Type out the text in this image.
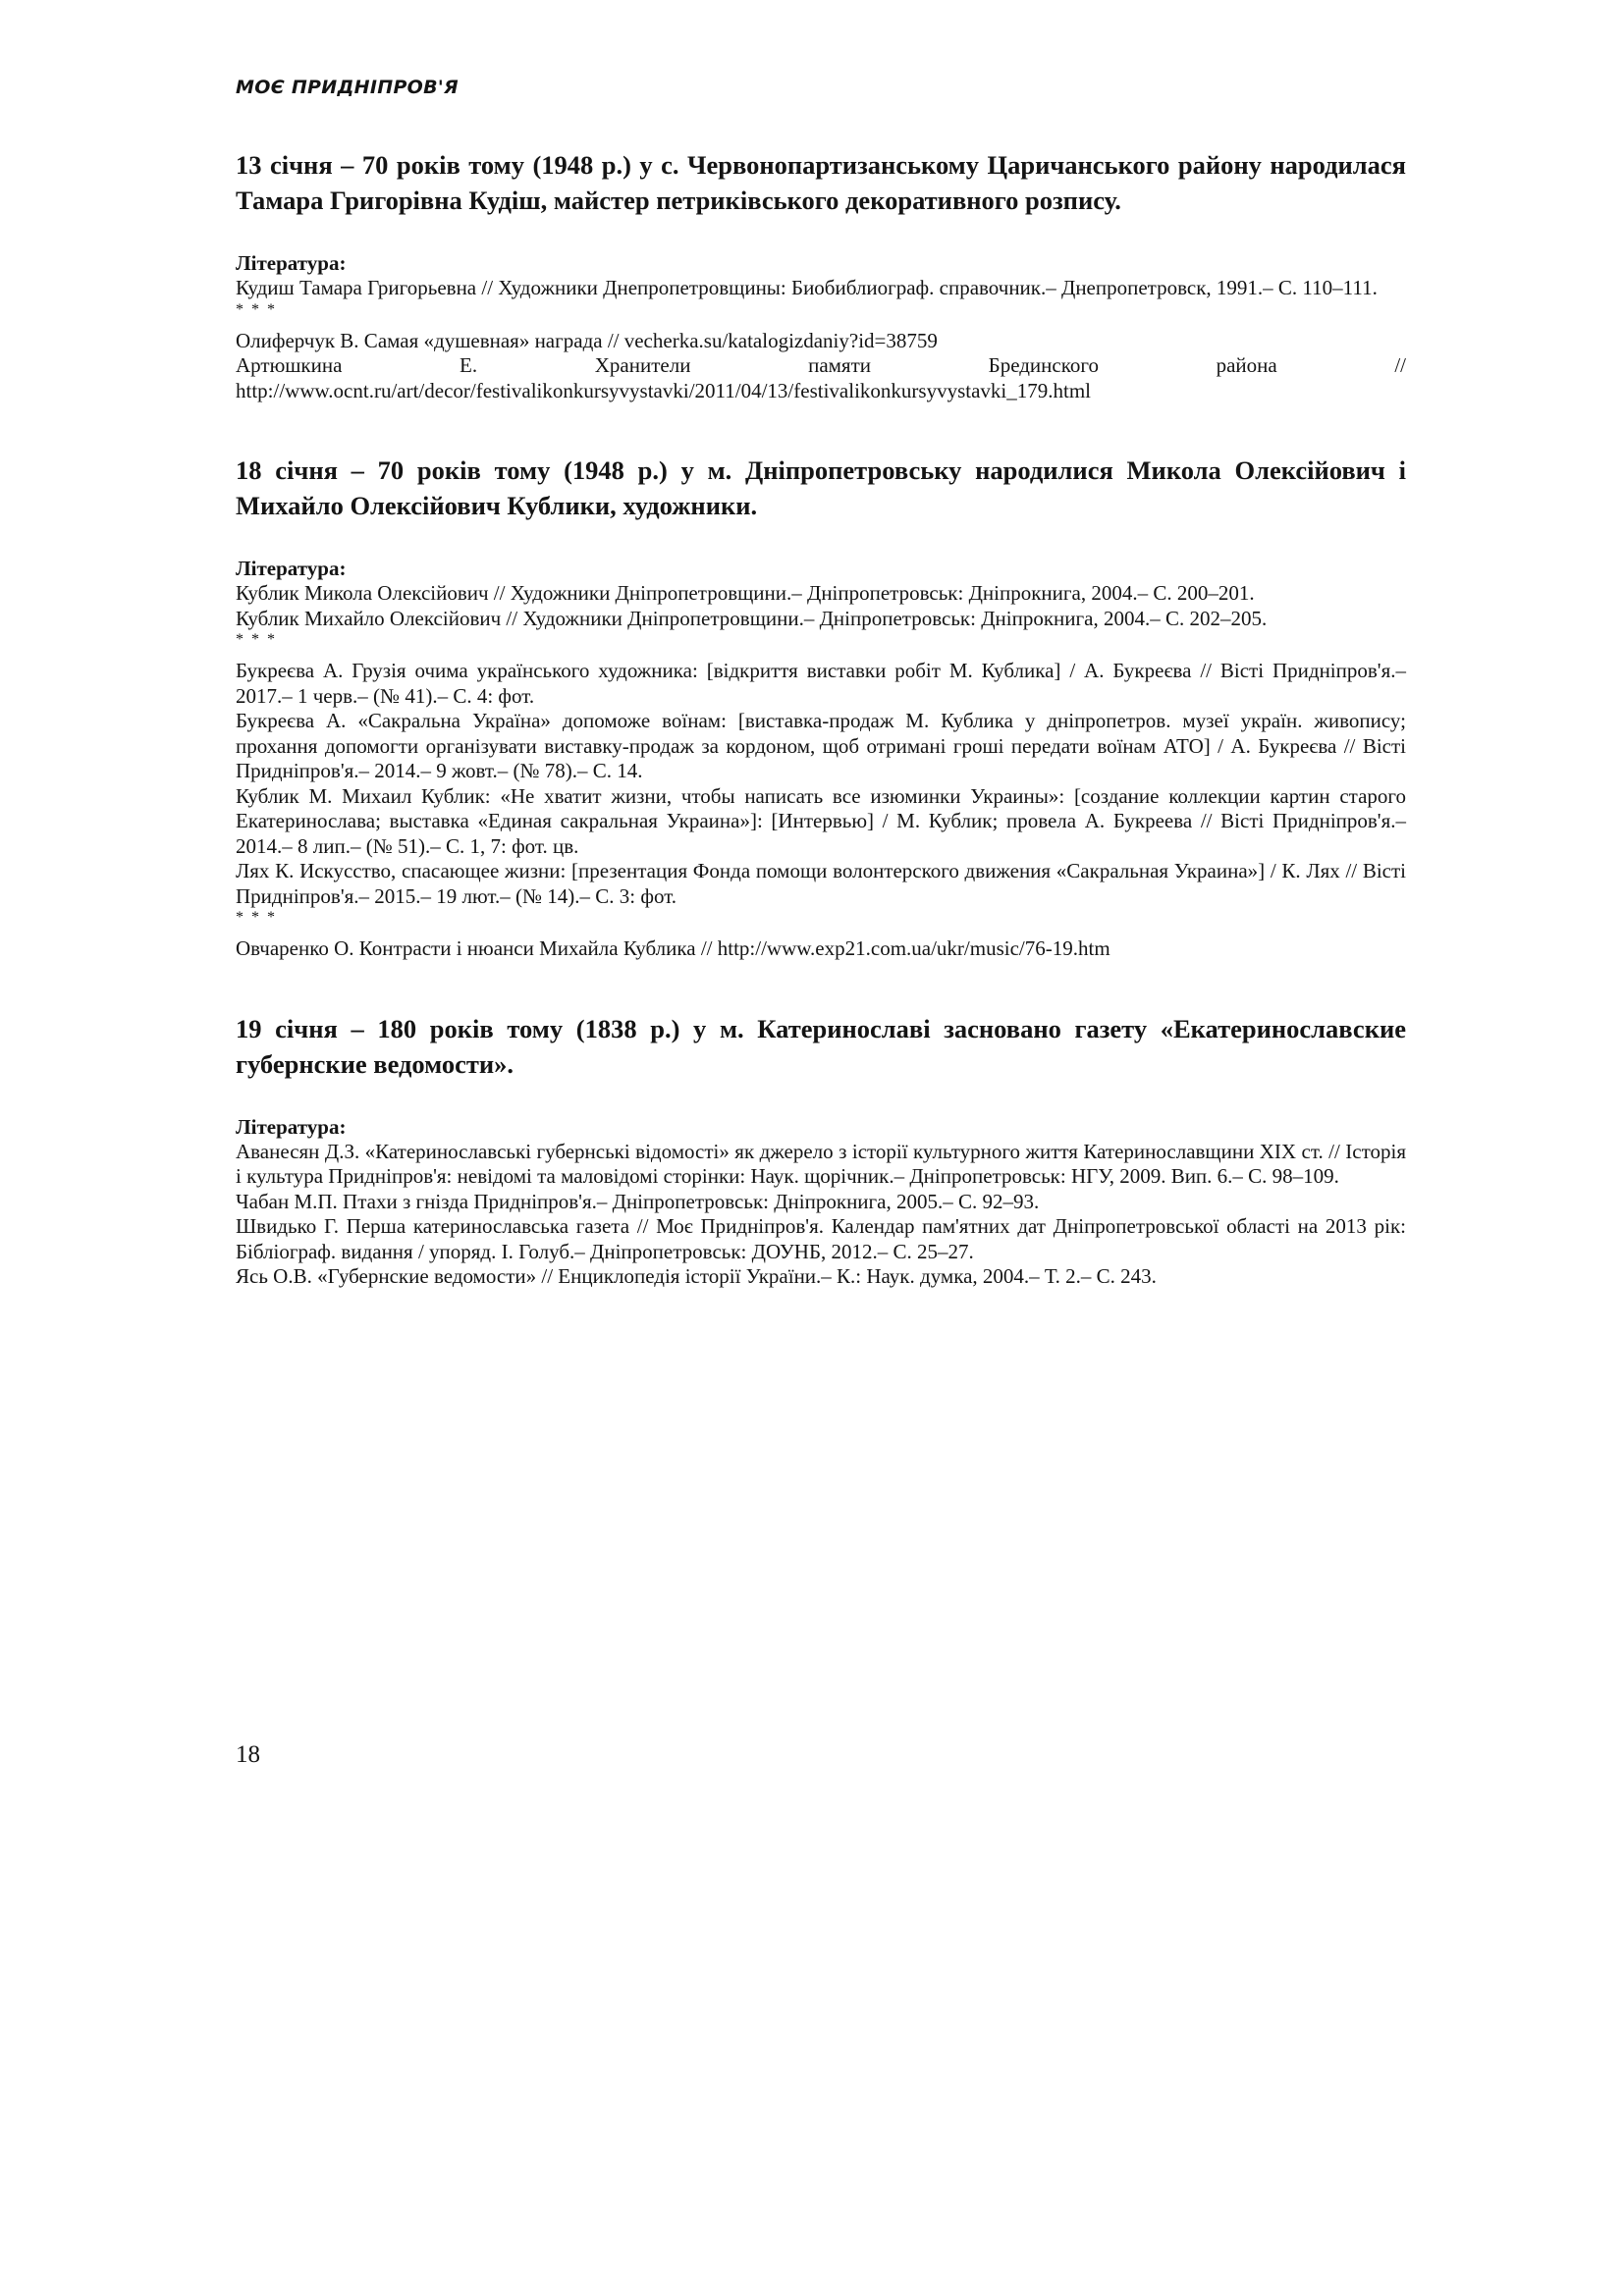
МОЄ ПРИДНІПРОВ'Я

13 січня – 70 років тому (1948 р.) у с. Червонопартизанському Царичанського району народилася Тамара Григорівна Кудіш, майстер петриківського декоративного розпису.

Література:

Кудиш Тамара Григорьевна // Художники Днепропетровщины: Биобиблиограф. справочник.– Днепропетровск, 1991.– С. 110–111.

* * *

Олиферчук В. Самая «душевная» награда // vecherka.su/katalogizdaniy?id=38759

Артюшкина Е. Хранители памяти Брединского района // http://www.ocnt.ru/art/decor/festivalikonkursyvystavki/2011/04/13/festivalikonkursyvystavki_179.html

18 січня – 70 років тому (1948 р.) у м. Дніпропетровську народилися Микола Олексійович і Михайло Олексійович Кублики, художники.

Література:

Кублик Микола Олексійович // Художники Дніпропетровщини.– Дніпропетровськ: Дніпрокнига, 2004.– С. 200–201.

Кублик Михайло Олексійович // Художники Дніпропетровщини.– Дніпропетровськ: Дніпрокнига, 2004.– С. 202–205.

* * *

Букреєва А. Грузія очима українського художника: [відкриття виставки робіт М. Кублика] / А. Букреєва // Вісті Придніпров'я.– 2017.– 1 черв.– (№ 41).– С. 4: фот.

Букреєва А. «Сакральна Україна» допоможе воїнам: [виставка-продаж М. Кублика у дніпропетров. музеї україн. живопису; прохання допомогти організувати виставку-продаж за кордоном, щоб отримані гроші передати воїнам АТО] / А. Букреєва // Вісті Придніпров'я.– 2014.– 9 жовт.– (№ 78).– С. 14.

Кублик М. Михаил Кублик: «Не хватит жизни, чтобы написать все изюминки Украины»: [создание коллекции картин старого Екатеринослава; выставка «Единая сакральная Украина»]: [Интервью] / М. Кублик; провела А. Букреева // Вісті Придніпров'я.– 2014.– 8 лип.– (№ 51).– С. 1, 7: фот. цв.

Лях К. Искусство, спасающее жизни: [презентация Фонда помощи волонтерского движения «Сакральная Украина»] / К. Лях // Вісті Придніпров'я.– 2015.– 19 лют.– (№ 14).– С. 3: фот.

* * *

Овчаренко О. Контрасти і нюанси Михайла Кублика // http://www.exp21.com.ua/ukr/music/76-19.htm

19 січня – 180 років тому (1838 р.) у м. Катеринославі засновано газету «Екатеринославские губернские ведомости».

Література:

Аванесян Д.З. «Катеринославські губернські відомості» як джерело з історії культурного життя Катеринославщини XIX ст. // Історія і культура Придніпров'я: невідомі та маловідомі сторінки: Наук. щорічник.– Дніпропетровськ: НГУ, 2009. Вип. 6.– С. 98–109.

Чабан М.П. Птахи з гнізда Придніпров'я.– Дніпропетровськ: Дніпрокнига, 2005.– С. 92–93.

Швидько Г. Перша катеринославська газета // Моє Придніпров'я. Календар пам'ятних дат Дніпропетровської області на 2013 рік: Бібліограф. видання / упоряд. І. Голуб.– Дніпропетровськ: ДОУНБ, 2012.– С. 25–27.

Ясь О.В. «Губернские ведомости» // Енциклопедія історії України.– К.: Наук. думка, 2004.– Т. 2.– С. 243.

18
